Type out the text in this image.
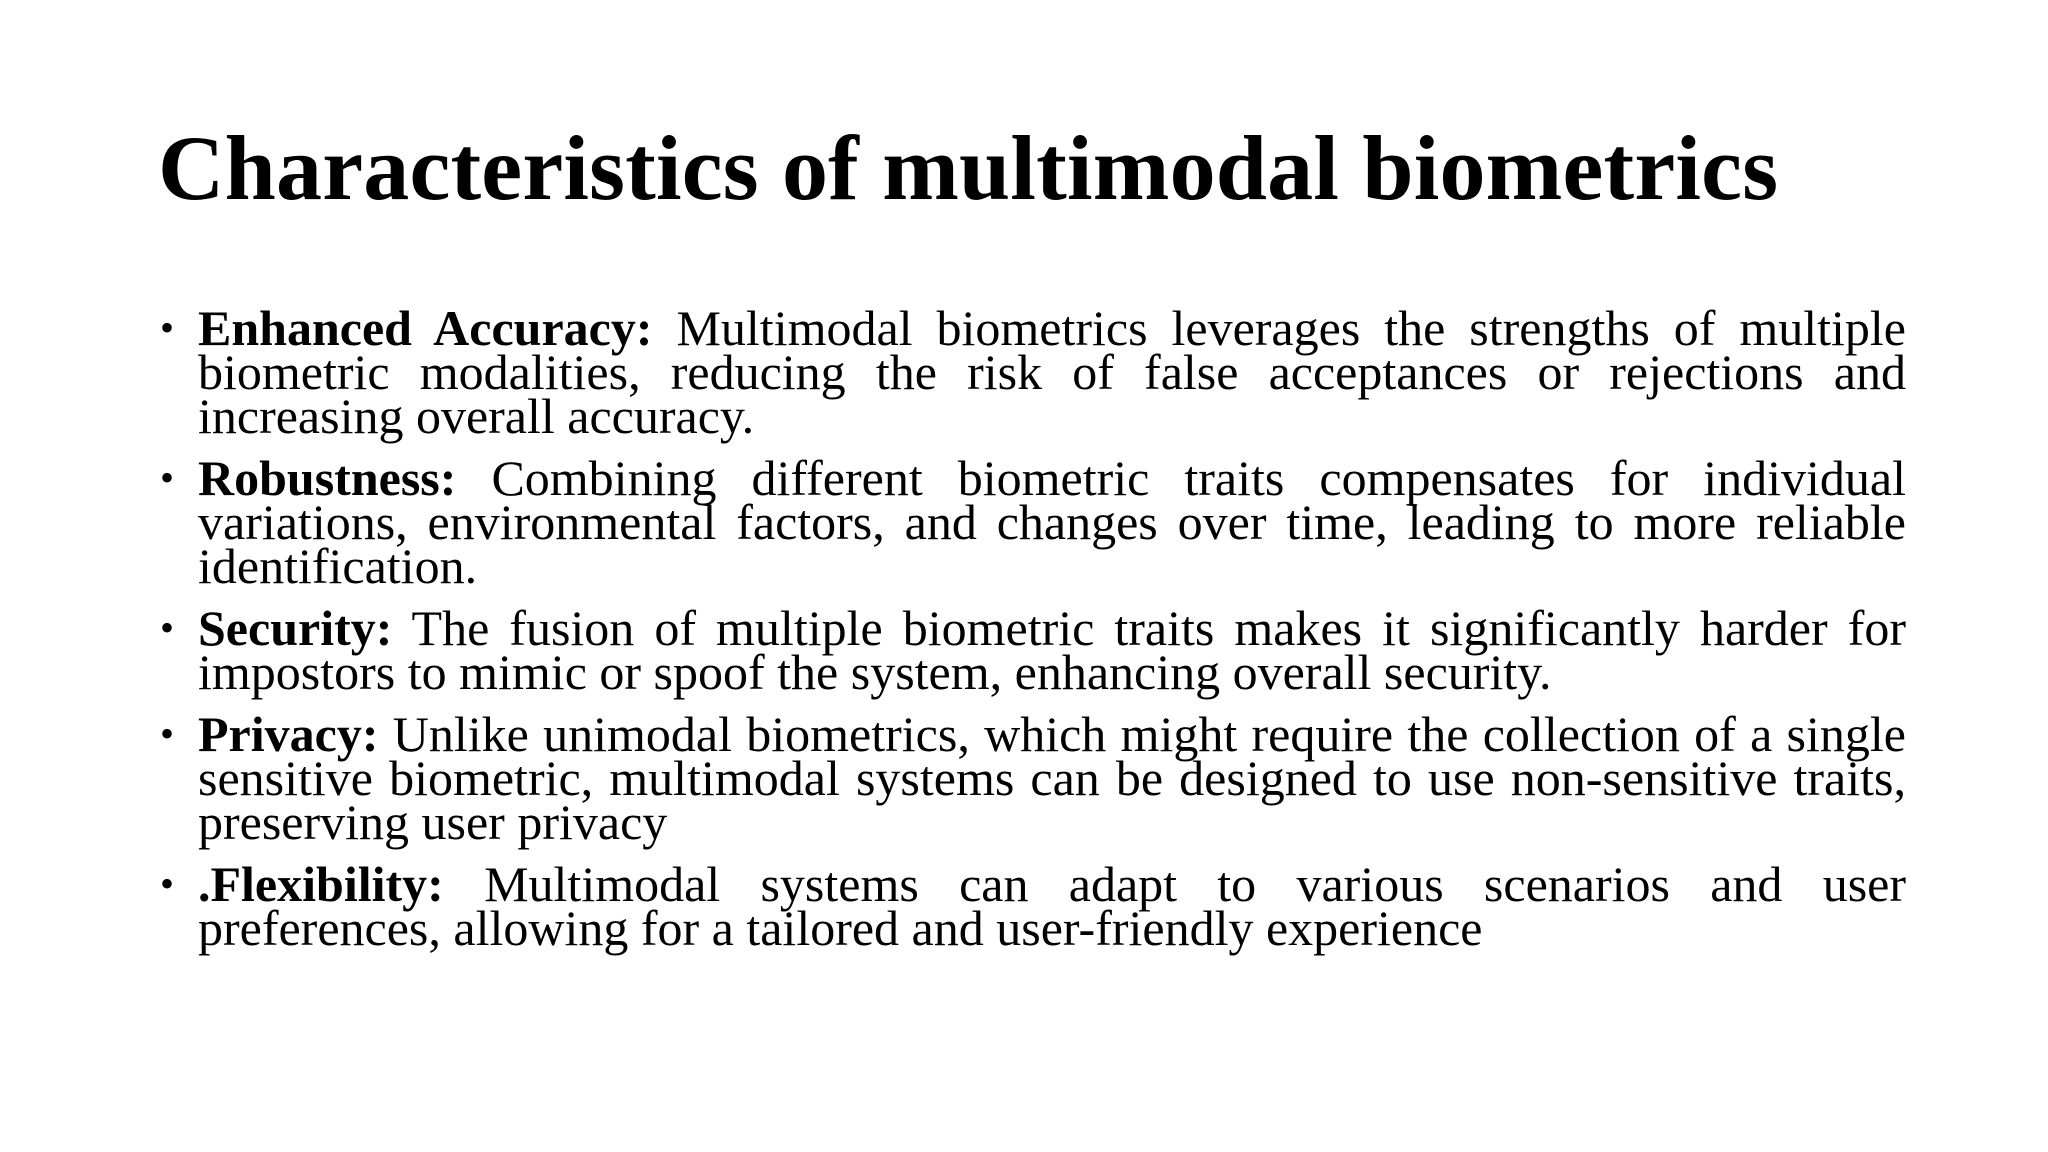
Characteristics of multimodal biometrics
• Enhanced Accuracy: Multimodal biometrics leverages the strengths of multiple biometric modalities, reducing the risk of false acceptances or rejections and increasing overall accuracy.
• Robustness: Combining different biometric traits compensates for individual variations, environmental factors, and changes over time, leading to more reliable identification.
• Security: The fusion of multiple biometric traits makes it significantly harder for impostors to mimic or spoof the system, enhancing overall security.
• Privacy: Unlike unimodal biometrics, which might require the collection of a single sensitive biometric, multimodal systems can be designed to use non-sensitive traits, preserving user privacy
• .Flexibility: Multimodal systems can adapt to various scenarios and user preferences, allowing for a tailored and user-friendly experience
